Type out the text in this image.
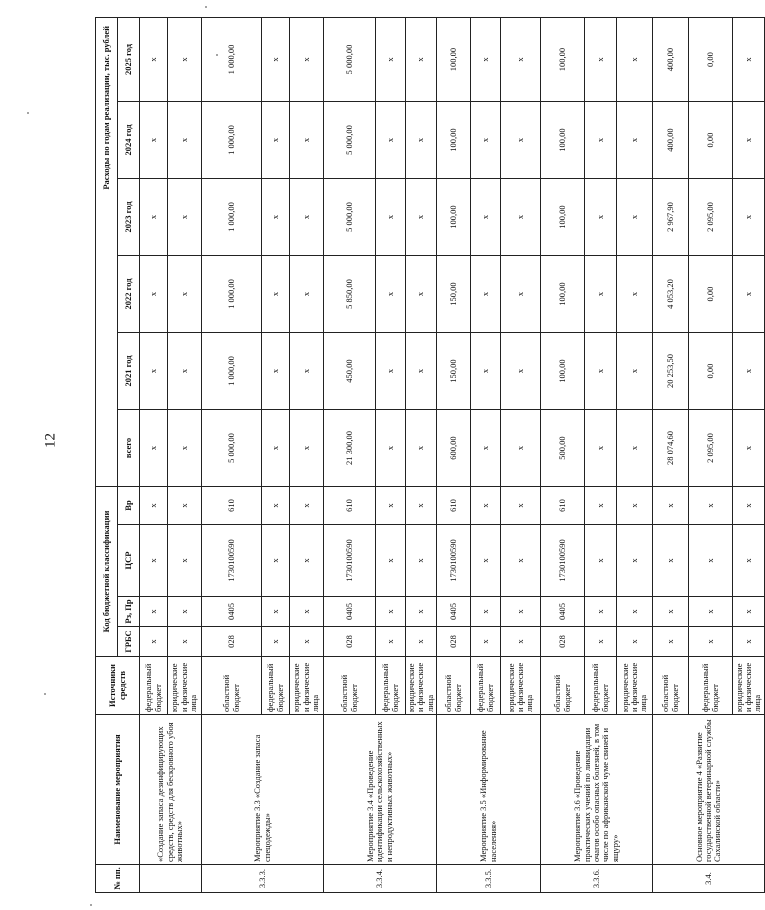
12
№ пп.	Наименование мероприятия	Источники средств	Код бюджетной классификации				Расходы по годам реализации, тыс. рублей					
			ГРБС	Рз, Пр	ЦСР	Вр	всего	2021 год	2022 год	2023 год	2024 год	2025 год
	«Создание запаса дезинфицирующих средств, средств для бескровного убоя животных»	федеральный бюджет	х	х	х	х	х	х	х	х	х	х
		юридические и физические лица	х	х	х	х	х	х	х	х	х	х
3.3.3.	Мероприятие 3.3 «Создание запаса спецодежды»	областной бюджет	028	0405	1730100590	610	5 000,00	1 000,00	1 000,00	1 000,00	1 000,00	1 000,00
		федеральный бюджет	х	х	х	х	х	х	х	х	х	х
		юридические и физические лица	х	х	х	х	х	х	х	х	х	х
3.3.4.	Мероприятие 3.4 «Проведение идентификации сельскохозяйственных и непродуктивных животных»	областной бюджет	028	0405	1730100590	610	21 300,00	450,00	5 850,00	5 000,00	5 000,00	5 000,00
		федеральный бюджет	х	х	х	х	х	х	х	х	х	х
		юридические и физические лица	х	х	х	х	х	х	х	х	х	х
3.3.5.	Мероприятие 3.5 «Информирование населения»	областной бюджет	028	0405	1730100590	610	600,00	150,00	150,00	100,00	100,00	100,00
		федеральный бюджет	х	х	х	х	х	х	х	х	х	х
		юридические и физические лица	х	х	х	х	х	х	х	х	х	х
3.3.6.	Мероприятие 3.6 «Проведение практических учений по ликвидации очагов особо опасных болезней, в том числе по африканской чуме свиней и ящуру»	областной бюджет	028	0405	1730100590	610	500,00	100,00	100,00	100,00	100,00	100,00
		федеральный бюджет	х	х	х	х	х	х	х	х	х	х
		юридические и физические лица	х	х	х	х	х	х	х	х	х	х
3.4.	Основное мероприятие 4 «Развитие государственной ветеринарной службы Сахалинской области»	областной бюджет	х	х	х	х	28 074,60	20 253,50	4 053,20	2 967,90	400,00	400,00
		федеральный бюджет	х	х	х	х	2 095,00	0,00	0,00	2 095,00	0,00	0,00
		юридические и физические лица	х	х	х	х	х	х	х	х	х	х
